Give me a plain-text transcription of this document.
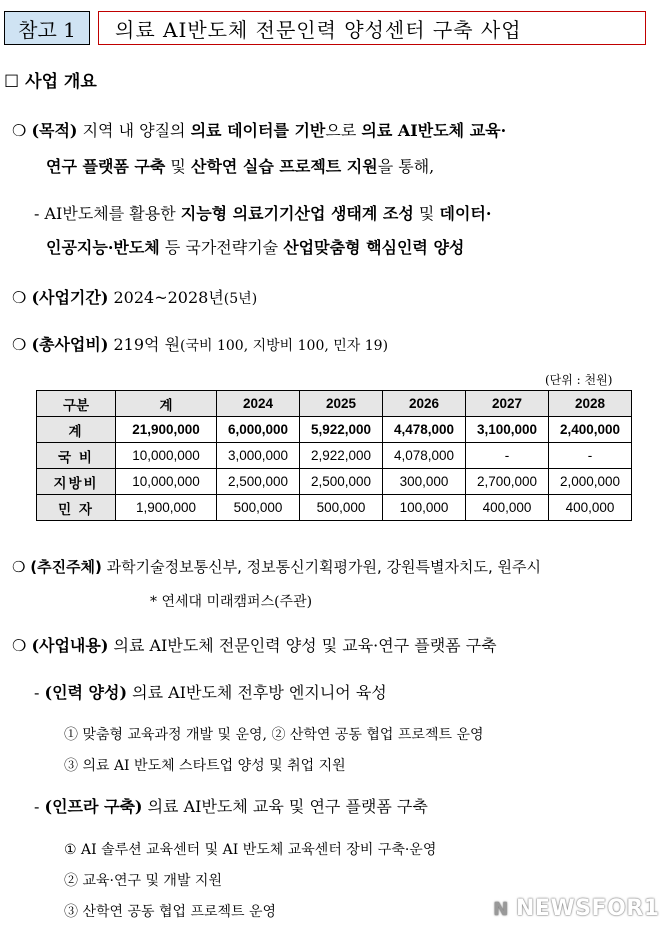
참고 1 의료 AI반도체 전문인력 양성센터 구축 사업
☐ 사업 개요
❍ (목적) 지역 내 양질의 의료 데이터를 기반으로 의료 AI반도체 교육·
연구 플랫폼 구축 및 산학연 실습 프로젝트 지원을 통해,
- AI반도체를 활용한 지능형 의료기기산업 생태계 조성 및 데이터·
인공지능·반도체 등 국가전략기술 산업맞춤형 핵심인력 양성
❍ (사업기간) 2024~2028년(5년)
❍ (총사업비) 219억 원(국비 100, 지방비 100, 민자 19)
(단위 : 천원)
구분	계	2024	2025	2026	2027	2028
계	21,900,000	6,000,000	5,922,000	4,478,000	3,100,000	2,400,000
국 비	10,000,000	3,000,000	2,922,000	4,078,000	-	-
지방비	10,000,000	2,500,000	2,500,000	300,000	2,700,000	2,000,000
민 자	1,900,000	500,000	500,000	100,000	400,000	400,000
❍ (추진주체) 과학기술정보통신부, 정보통신기획평가원, 강원특별자치도, 원주시
* 연세대 미래캠퍼스(주관)
❍ (사업내용) 의료 AI반도체 전문인력 양성 및 교육·연구 플랫폼 구축
- (인력 양성) 의료 AI반도체 전후방 엔지니어 육성
① 맞춤형 교육과정 개발 및 운영, ② 산학연 공동 협업 프로젝트 운영
③ 의료 AI 반도체 스타트업 양성 및 취업 지원
- (인프라 구축) 의료 AI반도체 교육 및 연구 플랫폼 구축
① AI 솔루션 교육센터 및 AI 반도체 교육센터 장비 구축·운영
② 교육·연구 및 개발 지원
③ 산학연 공동 협업 프로젝트 운영	N NEWSFOR1
